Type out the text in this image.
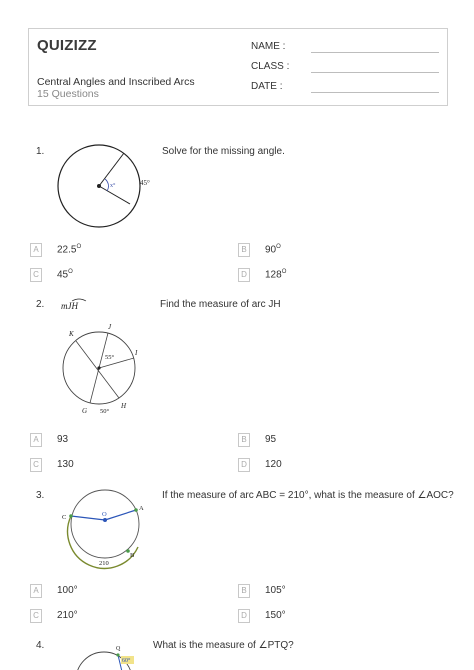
QUIZIZZ
Central Angles and Inscribed Arcs
15 Questions
NAME :
CLASS :
DATE :
1.	Solve for the missing angle.
x°	45°
A	$22.5^O$	B	$90^O$
C	$45^O$	D	$128^O$
2.	Find the measure of arc JH
mJH
K
J
I
H
G
55°
50°
A	93	B	95
C	130	D	120
3.	If the measure of arc ABC = 210°, what is the measure of ∠AOC?
C	O
A
B
210
A	100°	B	105°
C	210°	D	150°
4.	What is the measure of ∠PTQ?
Q
60°
